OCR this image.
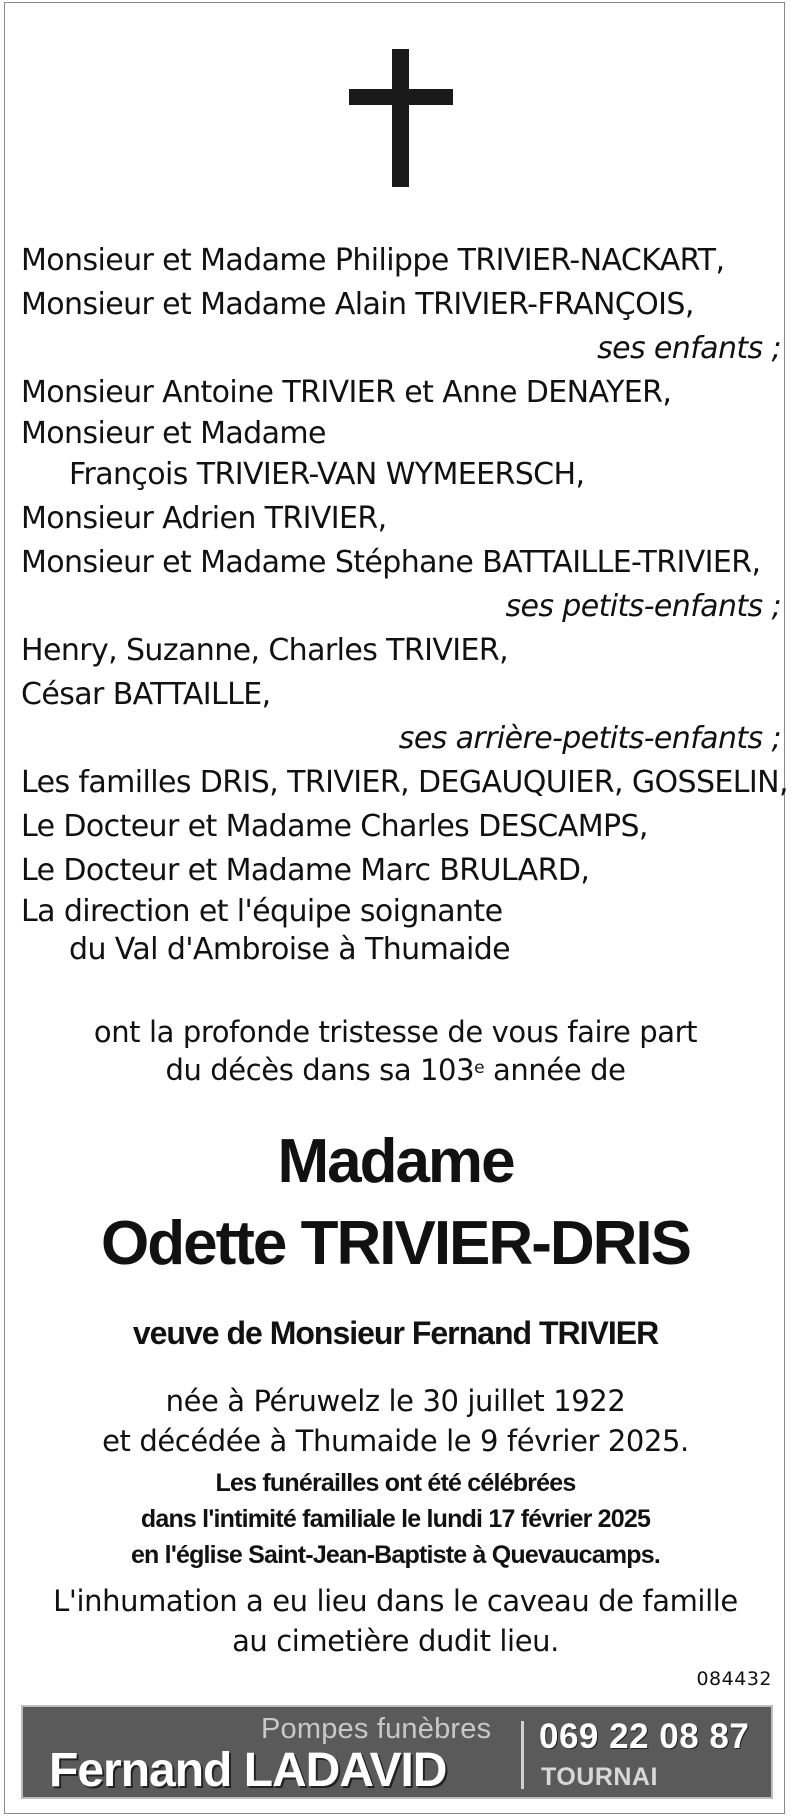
Monsieur et Madame Philippe TRIVIER-NACKART,
Monsieur et Madame Alain TRIVIER-FRANÇOIS,
ses enfants ;
Monsieur Antoine TRIVIER et Anne DENAYER,
Monsieur et Madame
François TRIVIER-VAN WYMEERSCH,
Monsieur Adrien TRIVIER,
Monsieur et Madame Stéphane BATTAILLE-TRIVIER,
ses petits-enfants ;
Henry, Suzanne, Charles TRIVIER,
César BATTAILLE,
ses arrière-petits-enfants ;
Les familles DRIS, TRIVIER, DEGAUQUIER, GOSSELIN,
Le Docteur et Madame Charles DESCAMPS,
Le Docteur et Madame Marc BRULARD,
La direction et l'équipe soignante
du Val d'Ambroise à Thumaide
ont la profonde tristesse de vous faire part
du décès dans sa 103e année de
Madame
Odette TRIVIER-DRIS
veuve de Monsieur Fernand TRIVIER
née à Péruwelz le 30 juillet 1922
et décédée à Thumaide le 9 février 2025.
Les funérailles ont été célébrées
dans l'intimité familiale le lundi 17 février 2025
en l'église Saint-Jean-Baptiste à Quevaucamps.
L'inhumation a eu lieu dans le caveau de famille
au cimetière dudit lieu.
084432
Pompes funèbres
Fernand LADAVID
069 22 08 87
TOURNAI
